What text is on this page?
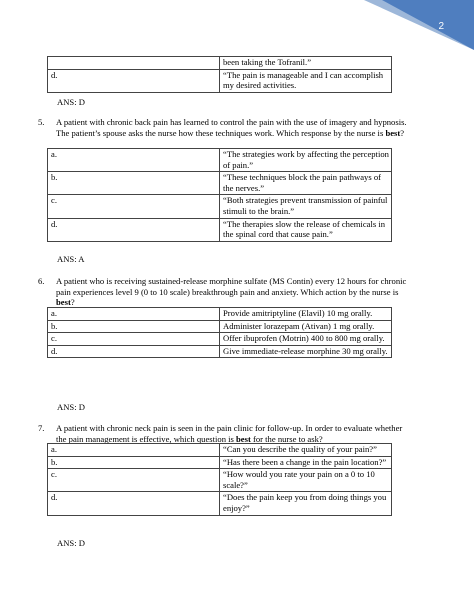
2
	been taking the Tofranil.”
d.	“The pain is manageable and I can accomplish my desired activities.
ANS: D
5. A patient with chronic back pain has learned to control the pain with the use of imagery and hypnosis. The patient’s spouse asks the nurse how these techniques work. Which response by the nurse is best?
a.	“The strategies work by affecting the perception of pain.”
b.	“These techniques block the pain pathways of the nerves.”
c.	“Both strategies prevent transmission of painful stimuli to the brain.”
d.	“The therapies slow the release of chemicals in the spinal cord that cause pain.”
ANS: A
6. A patient who is receiving sustained-release morphine sulfate (MS Contin) every 12 hours for chronic pain experiences level 9 (0 to 10 scale) breakthrough pain and anxiety. Which action by the nurse is best?
a.	Provide amitriptyline (Elavil) 10 mg orally.
b.	Administer lorazepam (Ativan) 1 mg orally.
c.	Offer ibuprofen (Motrin) 400 to 800 mg orally.
d.	Give immediate-release morphine 30 mg orally.
ANS: D
7. A patient with chronic neck pain is seen in the pain clinic for follow-up. In order to evaluate whether the pain management is effective, which question is best for the nurse to ask?
a.	“Can you describe the quality of your pain?”
b.	“Has there been a change in the pain location?”
c.	“How would you rate your pain on a 0 to 10 scale?”
d.	“Does the pain keep you from doing things you enjoy?”
ANS: D
